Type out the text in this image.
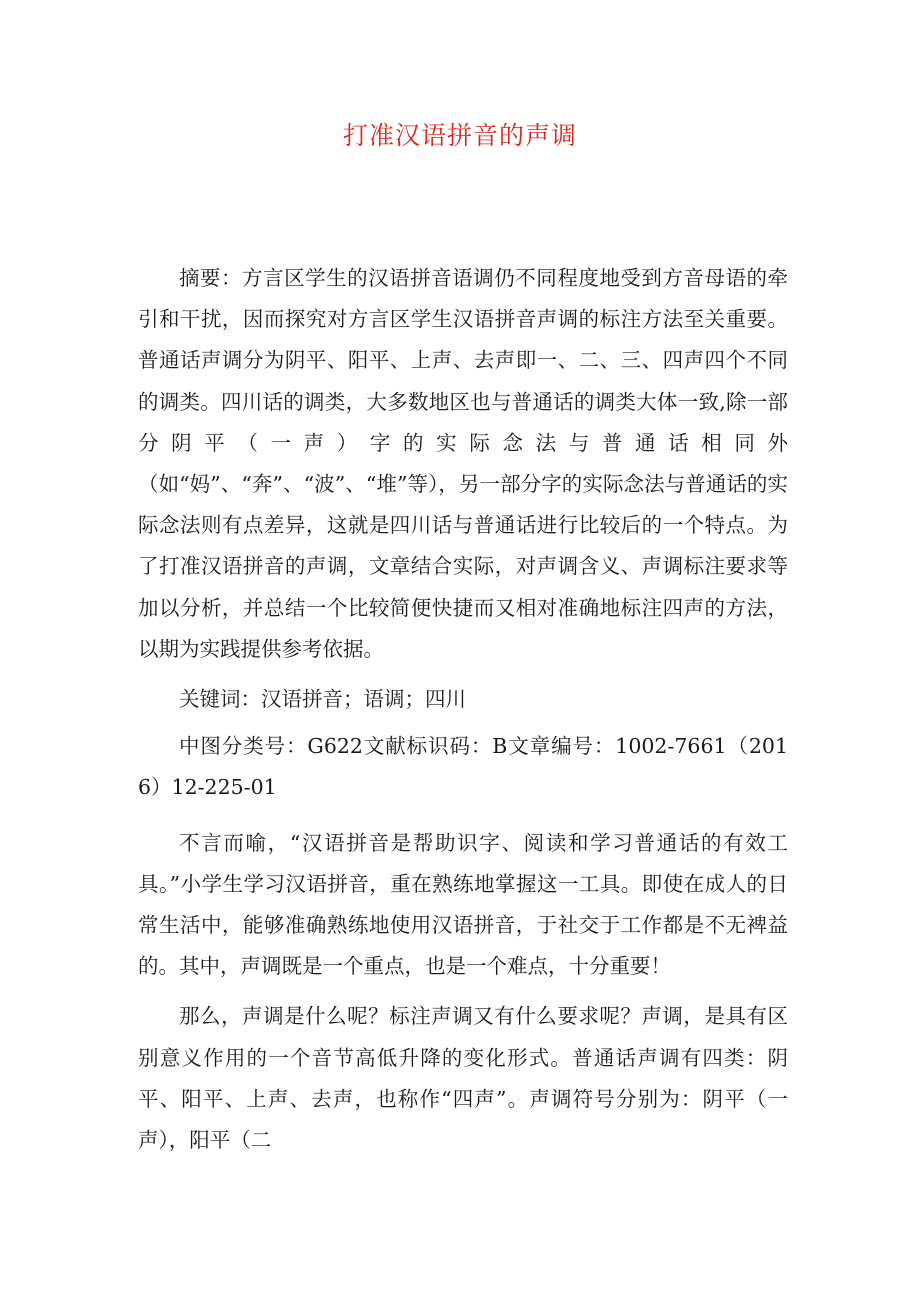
打准汉语拼音的声调

摘要：方言区学生的汉语拼音语调仍不同程度地受到方音母语的牵引和干扰，因而探究对方言区学生汉语拼音声调的标注方法至关重要。普通话声调分为阴平、阳平、上声、去声即一、二、三、四声四个不同的调类。四川话的调类，大多数地区也与普通话的调类大体一致,除一部分阴平（一声）字的实际念法与普通话相同外（如“妈”、“奔”、“波”、“堆”等），另一部分字的实际念法与普通话的实际念法则有点差异，这就是四川话与普通话进行比较后的一个特点。为了打准汉语拼音的声调，文章结合实际，对声调含义、声调标注要求等加以分析，并总结一个比较简便快捷而又相对准确地标注四声的方法，以期为实践提供参考依据。

关键词：汉语拼音；语调；四川

中图分类号：G622文献标识码：B文章编号：1002-7661（2016）12-225-01

不言而喻，“汉语拼音是帮助识字、阅读和学习普通话的有效工具。”小学生学习汉语拼音，重在熟练地掌握这一工具。即使在成人的日常生活中，能够准确熟练地使用汉语拼音，于社交于工作都是不无裨益的。其中，声调既是一个重点，也是一个难点，十分重要！

那么，声调是什么呢？标注声调又有什么要求呢？声调，是具有区别意义作用的一个音节高低升降的变化形式。普通话声调有四类：阴平、阳平、上声、去声，也称作“四声”。声调符号分别为：阴平（一声），阳平（二
